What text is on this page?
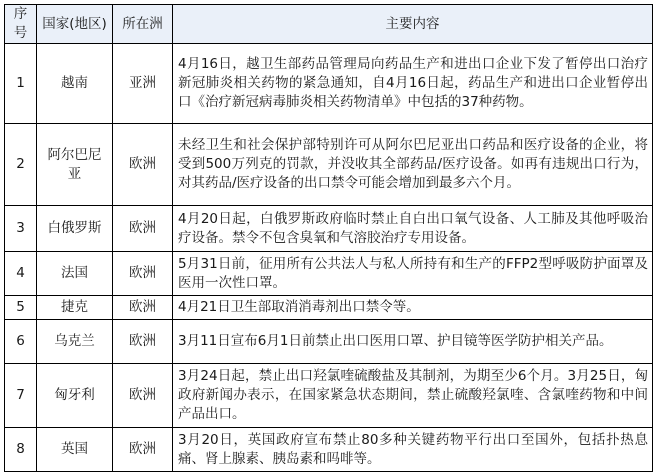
序号	国家(地区)	所在洲	主要内容
1	越南	亚洲	4月16日，越卫生部药品管理局向药品生产和进出口企业下发了暂停出口治疗新冠肺炎相关药物的紧急通知，自4月16日起，药品生产和进出口企业暂停出口《治疗新冠病毒肺炎相关药物清单》中包括的37种药物。
2	阿尔巴尼亚	欧洲	未经卫生和社会保护部特别许可从阿尔巴尼亚出口药品和医疗设备的企业，将受到500万列克的罚款，并没收其全部药品/医疗设备。如再有违规出口行为，对其药品/医疗设备的出口禁令可能会增加到最多六个月。
3	白俄罗斯	欧洲	4月20日起，白俄罗斯政府临时禁止自白出口氧气设备、人工肺及其他呼吸治疗设备。禁令不包含臭氧和气溶胶治疗专用设备。
4	法国	欧洲	5月31日前，征用所有公共法人与私人所持有和生产的FFP2型呼吸防护面罩及医用一次性口罩。
5	捷克	欧洲	4月21日卫生部取消消毒剂出口禁令等。
6	乌克兰	欧洲	3月11日宣布6月1日前禁止出口医用口罩、护目镜等医学防护相关产品。
7	匈牙利	欧洲	3月24日起，禁止出口羟氯喹硫酸盐及其制剂，为期至少6个月。3月25日，匈政府新闻办表示，在国家紧急状态期间，禁止硫酸羟氯喹、含氯喹药物和中间产品出口。
8	英国	欧洲	3月20日，英国政府宣布禁止80多种关键药物平行出口至国外，包括扑热息痛、肾上腺素、胰岛素和吗啡等。
